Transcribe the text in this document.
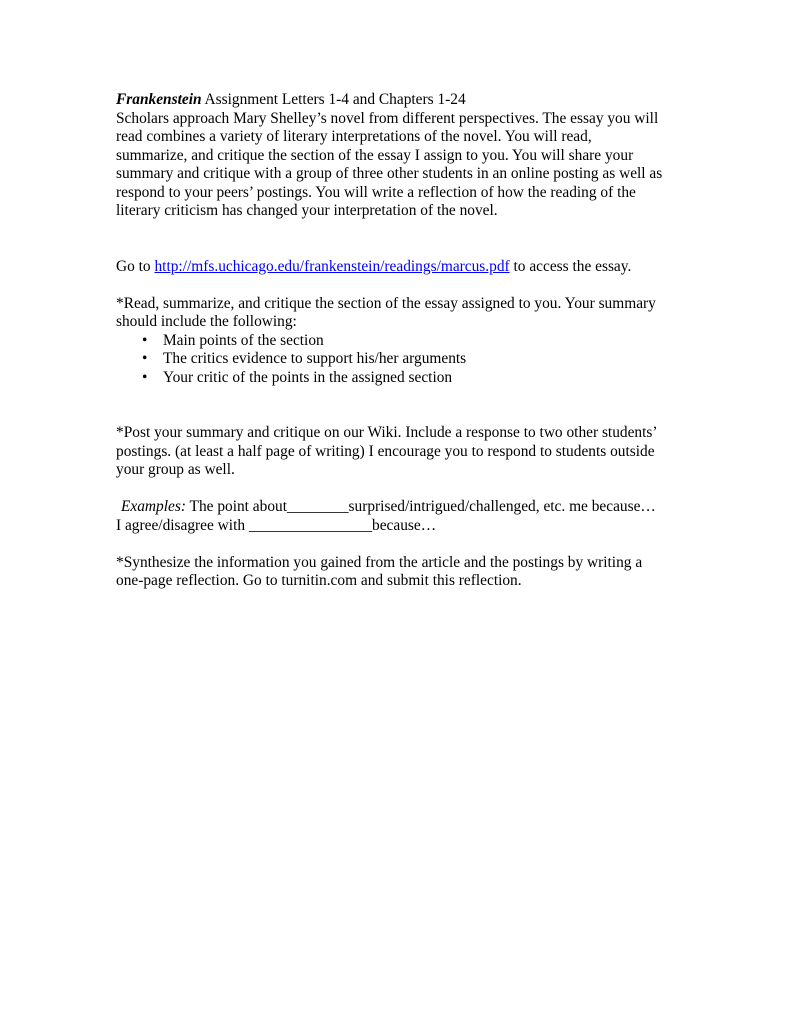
Frankenstein Assignment Letters 1-4 and Chapters 1-24

Scholars approach Mary Shelley’s novel from different perspectives. The essay you will

read combines a variety of literary interpretations of the novel. You will read,

summarize, and critique the section of the essay I assign to you. You will share your

summary and critique with a group of three other students in an online posting as well as

respond to your peers’ postings. You will write a reflection of how the reading of the

literary criticism has changed your interpretation of the novel.

Go to http://mfs.uchicago.edu/frankenstein/readings/marcus.pdf to access the essay.

*Read, summarize, and critique the section of the essay assigned to you. Your summary

should include the following:

• Main points of the section
• The critics evidence to support his/her arguments
• Your critic of the points in the assigned section

*Post your summary and critique on our Wiki. Include a response to two other students’

postings. (at least a half page of writing) I encourage you to respond to students outside

your group as well.

Examples: The point about________surprised/intrigued/challenged, etc. me because…

I agree/disagree with ________________because…

*Synthesize the information you gained from the article and the postings by writing a

one-page reflection. Go to turnitin.com and submit this reflection.
